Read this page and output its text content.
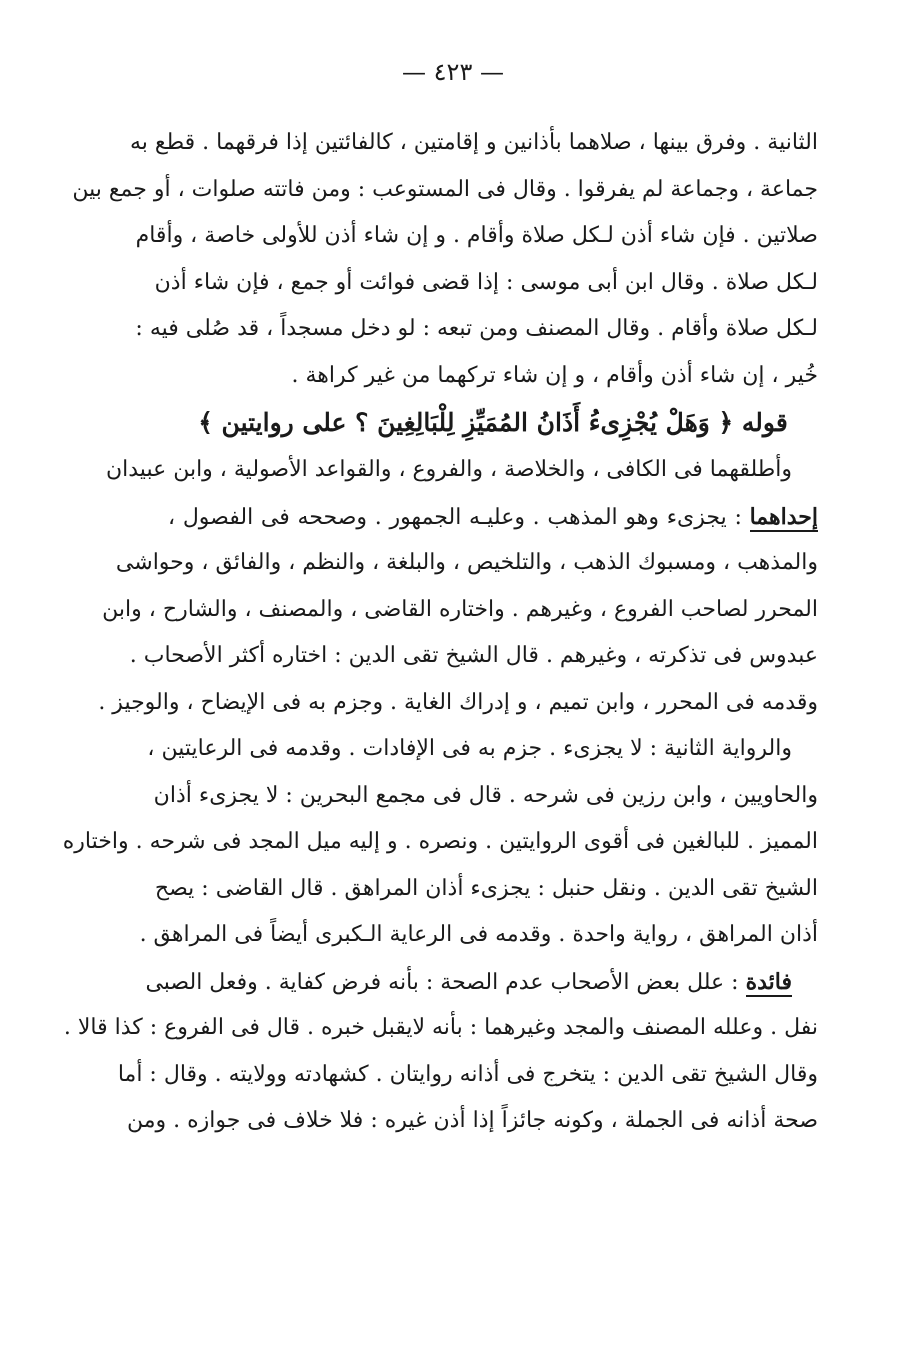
— ٤٢٣ —
الثانية . وفرق بينها ، صلاهما بأذانين و إقامتين ، كالفائتين إذا فرقهما . قطع به
جماعة ، وجماعة لم يفرقوا . وقال فى المستوعب : ومن فاتته صلوات ، أو جمع بين
صلاتين . فإن شاء أذن لـكل صلاة وأقام . و إن شاء أذن للأولى خاصة ، وأقام
لـكل صلاة . وقال ابن أبى موسى : إذا قضى فوائت أو جمع ، فإن شاء أذن
لـكل صلاة وأقام . وقال المصنف ومن تبعه : لو دخل مسجداً ، قد صُلى فيه :
خُير ، إن شاء أذن وأقام ، و إن شاء تركهما من غير كراهة .
قوله ﴿ وَهَلْ يُجْزِىءُ أَذَانُ المُمَيِّزِ لِلْبَالِغِينَ ؟ على روايتين ﴾
وأطلقهما فى الكافى ، والخلاصة ، والفروع ، والقواعد الأصولية ، وابن عبيدان
إحداهما : يجزىء وهو المذهب . وعليـه الجمهور . وصححه فى الفصول ،
والمذهب ، ومسبوك الذهب ، والتلخيص ، والبلغة ، والنظم ، والفائق ، وحواشى
المحرر لصاحب الفروع ، وغيرهم . واختاره القاضى ، والمصنف ، والشارح ، وابن
عبدوس فى تذكرته ، وغيرهم . قال الشيخ تقى الدين : اختاره أكثر الأصحاب .
وقدمه فى المحرر ، وابن تميم ، و إدراك الغاية . وجزم به فى الإيضاح ، والوجيز .
والرواية الثانية : لا يجزىء . جزم به فى الإفادات . وقدمه فى الرعايتين ،
والحاويين ، وابن رزين فى شرحه . قال فى مجمع البحرين : لا يجزىء أذان
المميز . للبالغين فى أقوى الروايتين . ونصره . و إليه ميل المجد فى شرحه . واختاره
الشيخ تقى الدين . ونقل حنبل : يجزىء أذان المراهق . قال القاضى : يصح
أذان المراهق ، رواية واحدة . وقدمه فى الرعاية الـكبرى أيضاً فى المراهق .
فائدة : علل بعض الأصحاب عدم الصحة : بأنه فرض كفاية . وفعل الصبى
نفل . وعلله المصنف والمجد وغيرهما : بأنه لايقبل خبره . قال فى الفروع : كذا قالا .
وقال الشيخ تقى الدين : يتخرج فى أذانه روايتان . كشهادته وولايته . وقال : أما
صحة أذانه فى الجملة ، وكونه جائزاً إذا أذن غيره : فلا خلاف فى جوازه . ومن
